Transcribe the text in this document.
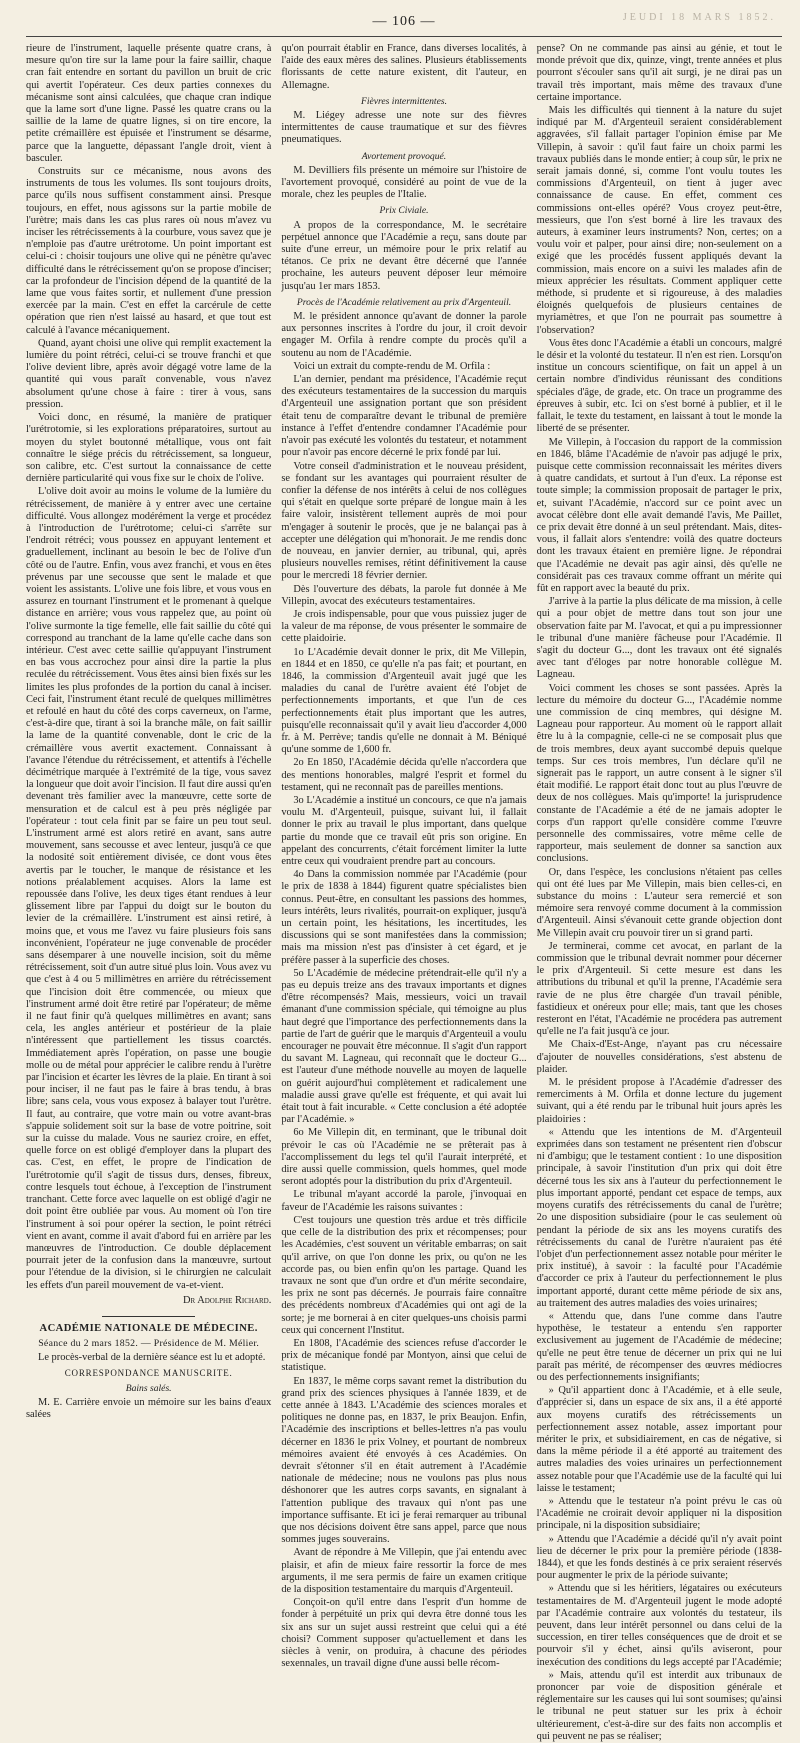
— 106 —	JEUDI 18 MARS 1852.

rieure de l'instrument, laquelle présente quatre crans, à mesure qu'on tire sur la lame pour la faire saillir, chaque cran fait entendre en sortant du pavillon un bruit de cric qui avertit l'opérateur. Ces deux parties connexes du mécanisme sont ainsi calculées, que chaque cran indique que la lame sort d'une ligne. Passé les quatre crans ou la saillie de la lame de quatre lignes, si on tire encore, la petite crémaillère est épuisée et l'instrument se désarme, parce que la languette, dépassant l'angle droit, vient à basculer.

Construits sur ce mécanisme, nous avons des instruments de tous les volumes. Ils sont toujours droits, parce qu'ils nous suffisent constamment ainsi. Presque toujours, en effet, nous agissons sur la partie mobile de l'urètre; mais dans les cas plus rares où nous m'avez vu inciser les rétrécissements à la courbure, vous savez que je n'emploie pas d'autre urétrotome. Un point important est celui-ci : choisir toujours une olive qui ne pénètre qu'avec difficulté dans le rétrécissement qu'on se propose d'inciser; car la profondeur de l'incision dépend de la quantité de la lame que vous faites sortir, et nullement d'une pression exercée par la main. C'est en effet la carcérule de cette opération que rien n'est laissé au hasard, et que tout est calculé à l'avance mécaniquement.

Quand, ayant choisi une olive qui remplit exactement la lumière du point rétréci, celui-ci se trouve franchi et que l'olive devient libre, après avoir dégagé votre lame de la quantité qui vous paraît convenable, vous n'avez absolument qu'une chose à faire : tirer à vous, sans pression.

Voici donc, en résumé, la manière de pratiquer l'urétrotomie, si les explorations préparatoires, surtout au moyen du stylet boutonné métallique, vous ont fait connaître le siége précis du rétrécissement, sa longueur, son calibre, etc. C'est surtout la connaissance de cette dernière particularité qui vous fixe sur le choix de l'olive.

L'olive doit avoir au moins le volume de la lumière du rétrécissement, de manière à y entrer avec une certaine difficulté. Vous allongez modérément la verge et procédez à l'introduction de l'urétrotome; celui-ci s'arrête sur l'endroit rétréci; vous poussez en appuyant lentement et graduellement, inclinant au besoin le bec de l'olive d'un côté ou de l'autre. Enfin, vous avez franchi, et vous en êtes prévenus par une secousse que sent le malade et que voient les assistants. L'olive une fois libre, et vous vous en assurez en tournant l'instrument et le promenant à quelque distance en arrière; vous vous rappelez que, au point où l'olive surmonte la tige femelle, elle fait saillie du côté qui correspond au tranchant de la lame qu'elle cache dans son intérieur. C'est avec cette saillie qu'appuyant l'instrument en bas vous accrochez pour ainsi dire la partie la plus reculée du rétrécissement. Vous êtes ainsi bien fixés sur les limites les plus profondes de la portion du canal à inciser. Ceci fait, l'instrument étant reculé de quelques millimètres et refoulé en haut du côté des corps caverneux, on l'arme, c'est-à-dire que, tirant à soi la branche mâle, on fait saillir la lame de la quantité convenable, dont le cric de la crémaillère vous avertit exactement. Connaissant à l'avance l'étendue du rétrécissement, et attentifs à l'échelle décimétrique marquée à l'extrémité de la tige, vous savez la longueur que doit avoir l'incision. Il faut dire aussi qu'en devenant très familier avec la manœuvre, cette sorte de mensuration et de calcul est à peu près négligée par l'opérateur : tout cela finit par se faire un peu tout seul. L'instrument armé est alors retiré en avant, sans autre mouvement, sans secousse et avec lenteur, jusqu'à ce que la nodosité soit entièrement divisée, ce dont vous êtes avertis par le toucher, le manque de résistance et les notions préalablement acquises. Alors la lame est repoussée dans l'olive, les deux tiges étant rendues à leur glissement libre par l'appui du doigt sur le bouton du levier de la crémaillère. L'instrument est ainsi retiré, à moins que, et vous me l'avez vu faire plusieurs fois sans inconvénient, l'opérateur ne juge convenable de procéder sans désemparer à une nouvelle incision, soit du même rétrécissement, soit d'un autre situé plus loin. Vous avez vu que c'est à 4 ou 5 millimètres en arrière du rétrécissement que l'incision doit être commencée, ou mieux que l'instrument armé doit être retiré par l'opérateur; de même il ne faut finir qu'à quelques millimètres en avant; sans cela, les angles antérieur et postérieur de la plaie n'intéressent que partiellement les tissus coarctés. Immédiatement après l'opération, on passe une bougie molle ou de métal pour apprécier le calibre rendu à l'urètre par l'incision et écarter les lèvres de la plaie. En tirant à soi pour inciser, il ne faut pas le faire à bras tendu, à bras libre; sans cela, vous vous exposez à balayer tout l'urètre. Il faut, au contraire, que votre main ou votre avant-bras s'appuie solidement soit sur la base de votre poitrine, soit sur la cuisse du malade. Vous ne sauriez croire, en effet, quelle force on est obligé d'employer dans la plupart des cas. C'est, en effet, le propre de l'indication de l'urétrotomie qu'il s'agit de tissus durs, denses, fibreux, contre lesquels tout échoue, à l'exception de l'instrument tranchant. Cette force avec laquelle on est obligé d'agir ne doit point être oubliée par vous. Au moment où l'on tire l'instrument à soi pour opérer la section, le point rétréci vient en avant, comme il avait d'abord fui en arrière par les manœuvres de l'introduction. Ce double déplacement pourrait jeter de la confusion dans la manœuvre, surtout pour l'étendue de la division, si le chirurgien ne calculait les effets d'un pareil mouvement de va-et-vient.

Dr Adolphe Richard.

ACADÉMIE NATIONALE DE MÉDECINE.
Séance du 2 mars 1852. — Présidence de M. Mélier.

Le procès-verbal de la dernière séance est lu et adopté.

CORRESPONDANCE MANUSCRITE.
Bains salés.

M. E. Carrière envoie un mémoire sur les bains d'eaux salées

qu'on pourrait établir en France, dans diverses localités, à l'aide des eaux mères des salines. Plusieurs établissements florissants de cette nature existent, dit l'auteur, en Allemagne.

Fièvres intermittentes.

M. Liégey adresse une note sur des fièvres intermittentes de cause traumatique et sur des fièvres pneumatiques.

Avortement provoqué.

M. Devilliers fils présente un mémoire sur l'histoire de l'avortement provoqué, considéré au point de vue de la morale, chez les peuples de l'Italie.

Prix Civiale.

A propos de la correspondance, M. le secrétaire perpétuel annonce que l'Académie a reçu, sans doute par suite d'une erreur, un mémoire pour le prix relatif au tétanos. Ce prix ne devant être décerné que l'année prochaine, les auteurs peuvent déposer leur mémoire jusqu'au 1er mars 1853.

Procès de l'Académie relativement au prix d'Argenteuil.

M. le président annonce qu'avant de donner la parole aux personnes inscrites à l'ordre du jour, il croit devoir engager M. Orfila à rendre compte du procès qu'il a soutenu au nom de l'Académie.

Voici un extrait du compte-rendu de M. Orfila :

L'an dernier, pendant ma présidence, l'Académie reçut des exécuteurs testamentaires de la succession du marquis d'Argenteuil une assignation portant que son président était tenu de comparaître devant le tribunal de première instance à l'effet d'entendre condamner l'Académie pour n'avoir pas exécuté les volontés du testateur, et notamment pour n'avoir pas encore décerné le prix fondé par lui.

Votre conseil d'administration et le nouveau président, se fondant sur les avantages qui pourraient résulter de confier la défense de nos intérêts à celui de nos collègues qui s'était en quelque sorte préparé de longue main à les faire valoir, insistèrent tellement auprès de moi pour m'engager à soutenir le procès, que je ne balançai pas à accepter une délégation qui m'honorait. Je me rendis donc de nouveau, en janvier dernier, au tribunal, qui, après plusieurs nouvelles remises, rétint définitivement la cause pour le mercredi 18 février dernier.

Dès l'ouverture des débats, la parole fut donnée à Me Villepin, avocat des exécuteurs testamentaires.

Je crois indispensable, pour que vous puissiez juger de la valeur de ma réponse, de vous présenter le sommaire de cette plaidoirie.

1o L'Académie devait donner le prix, dit Me Villepin, en 1844 et en 1850, ce qu'elle n'a pas fait; et pourtant, en 1846, la commission d'Argenteuil avait jugé que les maladies du canal de l'urètre avaient été l'objet de perfectionnements importants, et que l'un de ces perfectionnements était plus important que les autres, puisqu'elle reconnaissait qu'il y avait lieu d'accorder 4,000 fr. à M. Perrève; tandis qu'elle ne donnait à M. Béniqué qu'une somme de 1,600 fr.

2o En 1850, l'Académie décida qu'elle n'accordera que des mentions honorables, malgré l'esprit et formel du testament, qui ne reconnaît pas de pareilles mentions.

3o L'Académie a institué un concours, ce que n'a jamais voulu M. d'Argenteuil, puisque, suivant lui, il fallait donner le prix au travail le plus important, dans quelque partie du monde que ce travail eût pris son origine. En appelant des concurrents, c'était forcément limiter la lutte entre ceux qui voudraient prendre part au concours.

4o Dans la commission nommée par l'Académie (pour le prix de 1838 à 1844) figurent quatre spécialistes bien connus. Peut-être, en consultant les passions des hommes, leurs intérêts, leurs rivalités, pourrait-on expliquer, jusqu'à un certain point, les hésitations, les incertitudes, les discussions qui se sont manifestées dans la commission; mais ma mission n'est pas d'insister à cet égard, et je préfère passer à la superficie des choses.

5o L'Académie de médecine prétendrait-elle qu'il n'y a pas eu depuis treize ans des travaux importants et dignes d'être récompensés? Mais, messieurs, voici un travail émanant d'une commission spéciale, qui témoigne au plus haut degré que l'importance des perfectionnements dans la partie de l'art de guérir que le marquis d'Argenteuil a voulu encourager ne pouvait être méconnue. Il s'agit d'un rapport du savant M. Lagneau, qui reconnaît que le docteur G... est l'auteur d'une méthode nouvelle au moyen de laquelle on guérit aujourd'hui complètement et radicalement une maladie aussi grave qu'elle est fréquente, et qui avait lui était tout à fait incurable. « Cette conclusion a été adoptée par l'Académie. »

6o Me Villepin dit, en terminant, que le tribunal doit prévoir le cas où l'Académie ne se prêterait pas à l'accomplissement du legs tel qu'il l'aurait interprété, et dire aussi quelle commission, quels hommes, quel mode seront adoptés pour la distribution du prix d'Argenteuil.

Le tribunal m'ayant accordé la parole, j'invoquai en faveur de l'Académie les raisons suivantes :

C'est toujours une question très ardue et très difficile que celle de la distribution des prix et récompenses; pour les Académies, c'est souvent un véritable embarras; on sait qu'il arrive, on que l'on donne les prix, ou qu'on ne les accorde pas, ou bien enfin qu'on les partage. Quand les travaux ne sont que d'un ordre et d'un mérite secondaire, les prix ne sont pas décernés. Je pourrais faire connaître des précédents nombreux d'Académies qui ont agi de la sorte; je me bornerai à en citer quelques-uns choisis parmi ceux qui concernent l'Institut.

En 1808, l'Académie des sciences refuse d'accorder le prix de mécanique fondé par Montyon, ainsi que celui de statistique.

En 1837, le même corps savant remet la distribution du grand prix des sciences physiques à l'année 1839, et de cette année à 1843. L'Académie des sciences morales et politiques ne donne pas, en 1837, le prix Beaujon. Enfin, l'Académie des inscriptions et belles-lettres n'a pas voulu décerner en 1836 le prix Volney, et pourtant de nombreux mémoires avaient été envoyés à ces Académies. On devrait s'étonner s'il en était autrement à l'Académie nationale de médecine; nous ne voulons pas plus nous déshonorer que les autres corps savants, en signalant à l'attention publique des travaux qui n'ont pas une importance suffisante. Et ici je ferai remarquer au tribunal que nos décisions doivent être sans appel, parce que nous sommes juges souverains.

Avant de répondre à Me Villepin, que j'ai entendu avec plaisir, et afin de mieux faire ressortir la force de mes arguments, il me sera permis de faire un examen critique de la disposition testamentaire du marquis d'Argenteuil.

Conçoit-on qu'il entre dans l'esprit d'un homme de fonder à perpétuité un prix qui devra être donné tous les six ans sur un sujet aussi restreint que celui qui a été choisi? Comment supposer qu'actuellement et dans les siècles à venir, on produira, à chacune des périodes sexennales, un travail digne d'une aussi belle récom-

pense? On ne commande pas ainsi au génie, et tout le monde prévoit que dix, quinze, vingt, trente années et plus pourront s'écouler sans qu'il ait surgi, je ne dirai pas un travail très important, mais même des travaux d'une certaine importance.

Mais les difficultés qui tiennent à la nature du sujet indiqué par M. d'Argenteuil seraient considérablement aggravées, s'il fallait partager l'opinion émise par Me Villepin, à savoir : qu'il faut faire un choix parmi les travaux publiés dans le monde entier; à coup sûr, le prix ne serait jamais donné, si, comme l'ont voulu toutes les commissions d'Argenteuil, on tient à juger avec connaissance de cause. En effet, comment ces commissions ont-elles opéré? Vous croyez peut-être, messieurs, que l'on s'est borné à lire les travaux des auteurs, à examiner leurs instruments? Non, certes; on a voulu voir et palper, pour ainsi dire; non-seulement on a exigé que les procédés fussent appliqués devant la commission, mais encore on a suivi les malades afin de mieux apprécier les résultats. Comment appliquer cette méthode, si prudente et si rigoureuse, à des maladies éloignés quelquefois de plusieurs centaines de myriamètres, et que l'on ne pourrait pas soumettre à l'observation?

Vous êtes donc l'Académie a établi un concours, malgré le désir et la volonté du testateur. Il n'en est rien. Lorsqu'on institue un concours scientifique, on fait un appel à un certain nombre d'individus réunissant des conditions spéciales d'âge, de grade, etc. On trace un programme des épreuves à subir, etc. Ici on s'est borné à publier, et il le fallait, le texte du testament, en laissant à tout le monde la liberté de se présenter.

Me Villepin, à l'occasion du rapport de la commission en 1846, blâme l'Académie de n'avoir pas adjugé le prix, puisque cette commission reconnaissait les mérites divers à quatre candidats, et surtout à l'un d'eux. La réponse est toute simple; la commission proposait de partager le prix, et, suivant l'Académie, n'accord sur ce point avec un avocat célèbre dont elle avait demandé l'avis, Me Paillet, ce prix devait être donné à un seul prétendant. Mais, dites-vous, il fallait alors s'entendre: voilà des quatre docteurs dont les travaux étaient en première ligne. Je répondrai que l'Académie ne devait pas agir ainsi, dès qu'elle ne considérait pas ces travaux comme offrant un mérite qui fût en rapport avec la beauté du prix.

J'arrive à la partie la plus délicate de ma mission, à celle qui a pour objet de mettre dans tout son jour une observation faite par M. l'avocat, et qui a pu impressionner le tribunal d'une manière fâcheuse pour l'Académie. Il s'agit du docteur G..., dont les travaux ont été signalés avec tant d'éloges par notre honorable collègue M. Lagneau.

Voici comment les choses se sont passées. Après la lecture du mémoire du docteur G..., l'Académie nomme une commission de cinq membres, qui désigne M. Lagneau pour rapporteur. Au moment où le rapport allait être lu à la compagnie, celle-ci ne se composait plus que de trois membres, deux ayant succombé depuis quelque temps. Sur ces trois membres, l'un déclare qu'il ne signerait pas le rapport, un autre consent à le signer s'il était modifié. Le rapport était donc tout au plus l'œuvre de deux de nos collègues. Mais qu'importe! la jurisprudence constante de l'Académie a été de ne jamais adopter le corps d'un rapport qu'elle considère comme l'œuvre personnelle des commissaires, votre même celle de rapporteur, mais seulement de donner sa sanction aux conclusions.

Or, dans l'espèce, les conclusions n'étaient pas celles qui ont été lues par Me Villepin, mais bien celles-ci, en substance du moins : L'auteur sera remercié et son mémoire sera renvoyé comme document à la commission d'Argenteuil. Ainsi s'évanouit cette grande objection dont Me Villepin avait cru pouvoir tirer un si grand parti.

Je terminerai, comme cet avocat, en parlant de la commission que le tribunal devrait nommer pour décerner le prix d'Argenteuil. Si cette mesure est dans les attributions du tribunal et qu'il la prenne, l'Académie sera ravie de ne plus être chargée d'un travail pénible, fastidieux et onéreux pour elle; mais, tant que les choses resteront en l'état, l'Académie ne procédera pas autrement qu'elle ne l'a fait jusqu'à ce jour.

Me Chaix-d'Est-Ange, n'ayant pas cru nécessaire d'ajouter de nouvelles considérations, s'est abstenu de plaider.

M. le président propose à l'Académie d'adresser des remerciments à M. Orfila et donne lecture du jugement suivant, qui a été rendu par le tribunal huit jours après les plaidoiries :

« Attendu que les intentions de M. d'Argenteuil exprimées dans son testament ne présentent rien d'obscur ni d'ambigu; que le testament contient : 1o une disposition principale, à savoir l'institution d'un prix qui doit être décerné tous les six ans à l'auteur du perfectionnement le plus important apporté, pendant cet espace de temps, aux moyens curatifs des rétrécissements du canal de l'urètre; 2o une disposition subsidiaire (pour le cas seulement où pendant la période de six ans les moyens curatifs des rétrécissements du canal de l'urètre n'auraient pas été l'objet d'un perfectionnement assez notable pour mériter le prix institué), à savoir : la faculté pour l'Académie d'accorder ce prix à l'auteur du perfectionnement le plus important apporté, durant cette même période de six ans, au traitement des autres maladies des voies urinaires;

« Attendu que, dans l'une comme dans l'autre hypothèse, le testateur a entendu s'en rapporter exclusivement au jugement de l'Académie de médecine; qu'elle ne peut être tenue de décerner un prix qui ne lui paraît pas mérité, de récompenser des œuvres médiocres ou des perfectionnements insignifiants;

» Qu'il appartient donc à l'Académie, et à elle seule, d'apprécier si, dans un espace de six ans, il a été apporté aux moyens curatifs des rétrécissements un perfectionnement assez notable, assez important pour mériter le prix, et subsidiairement, en cas de négative, si dans la même période il a été apporté au traitement des autres maladies des voies urinaires un perfectionnement assez notable pour que l'Académie use de la faculté qui lui laisse le testament;

» Attendu que le testateur n'a point prévu le cas où l'Académie ne croirait devoir appliquer ni la disposition principale, ni la disposition subsidiaire;

» Attendu que l'Académie a décidé qu'il n'y avait point lieu de décerner le prix pour la première période (1838-1844), et que les fonds destinés à ce prix seraient réservés pour augmenter le prix de la période suivante;

» Attendu que si les héritiers, légataires ou exécuteurs testamentaires de M. d'Argenteuil jugent le mode adopté par l'Académie contraire aux volontés du testateur, ils peuvent, dans leur intérêt personnel ou dans celui de la succession, en tirer telles conséquences que de droit et se pourvoir s'il y échet, ainsi qu'ils aviseront, pour inexécution des conditions du legs accepté par l'Académie;

» Mais, attendu qu'il est interdit aux tribunaux de prononcer par voie de disposition générale et réglementaire sur les causes qui lui sont soumises; qu'ainsi le tribunal ne peut statuer sur les prix à échoir ultérieurement, c'est-à-dire sur des faits non accomplis et qui peuvent ne pas se réaliser;
